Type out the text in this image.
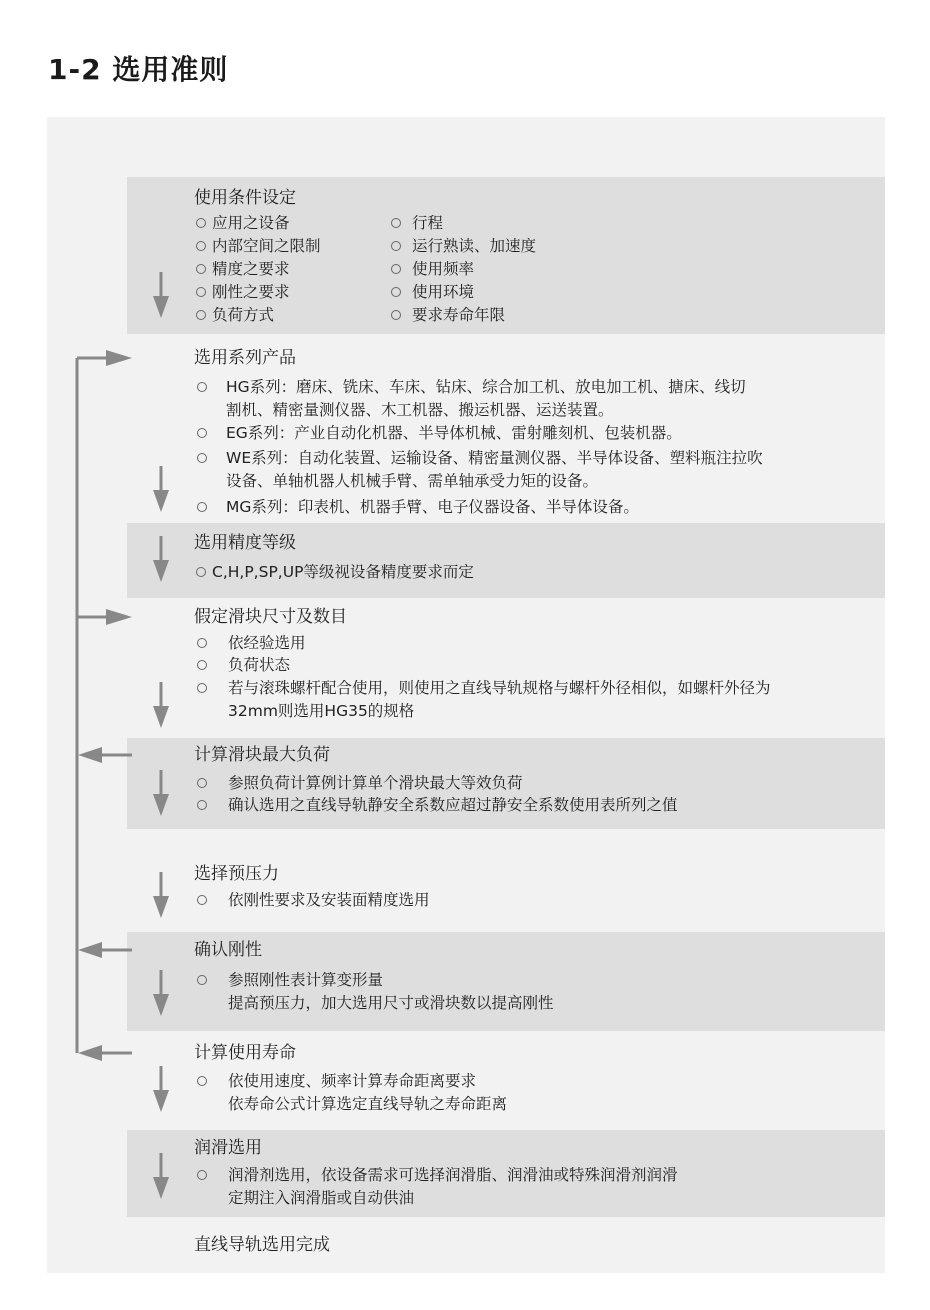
1-2 选用准则
使用条件设定
应用之设备
内部空间之限制
精度之要求
刚性之要求
负荷方式
行程
运行熟读、加速度
使用频率
使用环境
要求寿命年限
选用系列产品
HG系列：磨床、铣床、车床、钻床、综合加工机、放电加工机、搪床、线切
割机、精密量测仪器、木工机器、搬运机器、运送装置。
EG系列：产业自动化机器、半导体机械、雷射雕刻机、包装机器。
WE系列：自动化装置、运输设备、精密量测仪器、半导体设备、塑料瓶注拉吹
设备、单轴机器人机械手臂、需单轴承受力矩的设备。
MG系列：印表机、机器手臂、电子仪器设备、半导体设备。
选用精度等级
C,H,P,SP,UP等级视设备精度要求而定
假定滑块尺寸及数目
依经验选用
负荷状态
若与滚珠螺杆配合使用，则使用之直线导轨规格与螺杆外径相似，如螺杆外径为
32mm则选用HG35的规格
计算滑块最大负荷
参照负荷计算例计算单个滑块最大等效负荷
确认选用之直线导轨静安全系数应超过静安全系数使用表所列之值
选择预压力
依刚性要求及安装面精度选用
确认刚性
参照刚性表计算变形量
提高预压力，加大选用尺寸或滑块数以提高刚性
计算使用寿命
依使用速度、频率计算寿命距离要求
依寿命公式计算选定直线导轨之寿命距离
润滑选用
润滑剂选用，依设备需求可选择润滑脂、润滑油或特殊润滑剂润滑
定期注入润滑脂或自动供油
直线导轨选用完成
